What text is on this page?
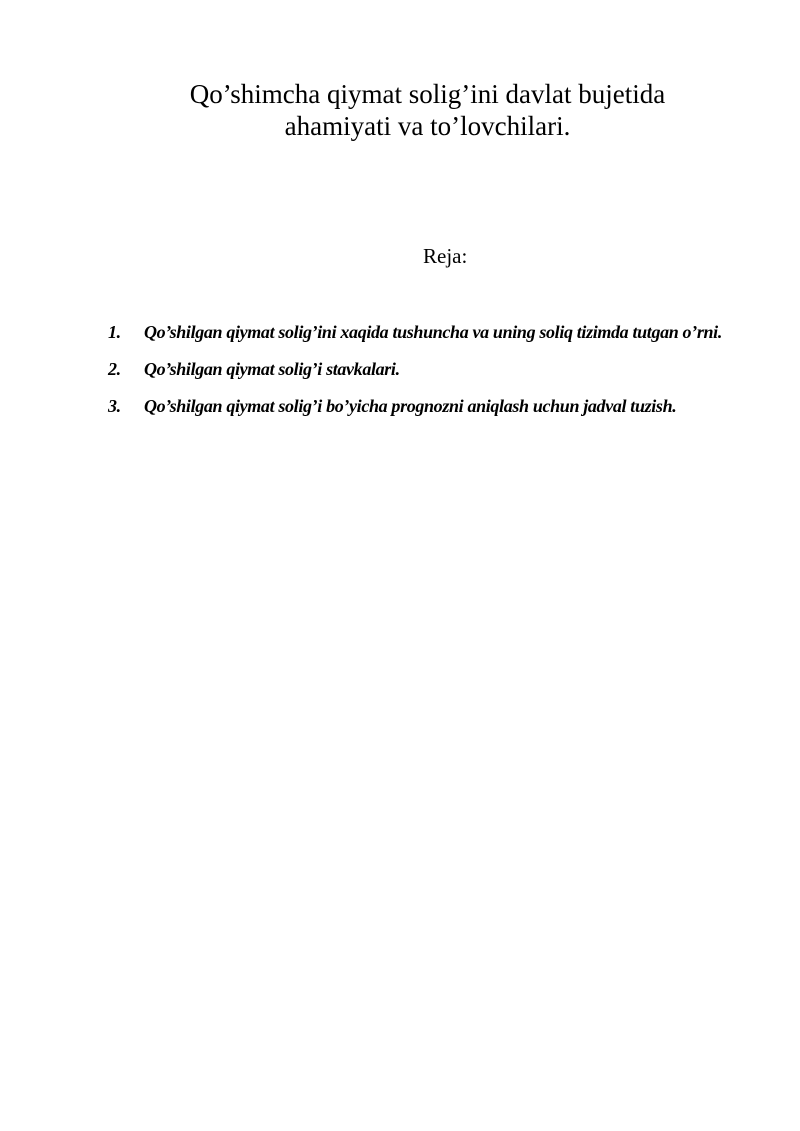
Qo’shimcha qiymat solig’ini davlat bujetida
ahamiyati va to’lovchilari.
Reja:
1.	Qo’shilgan qiymat solig’ini xaqida tushuncha va uning soliq tizimda tutgan o’rni.
2.	Qo’shilgan qiymat solig’i stavkalari.
3.	Qo’shilgan qiymat solig’i bo’yicha prognozni aniqlash uchun jadval tuzish.
